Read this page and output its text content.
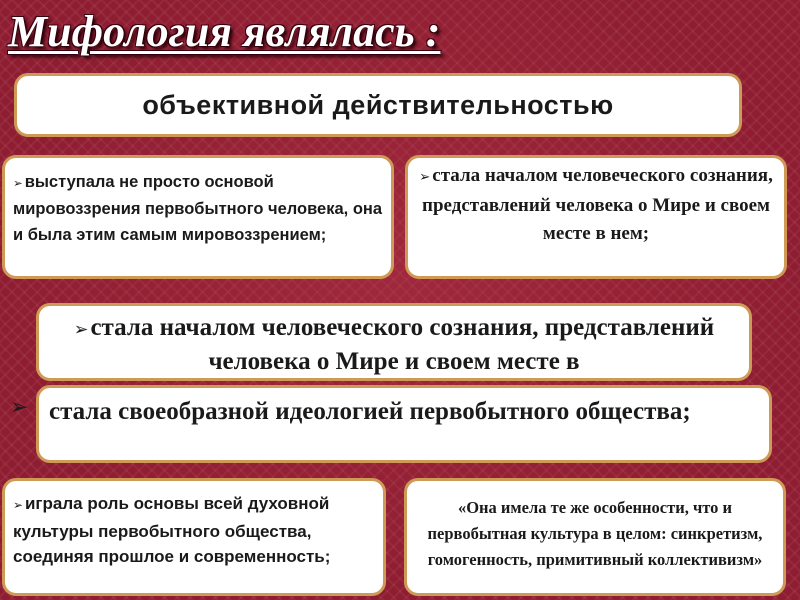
Мифология являлась :
объективной действительностью
➢ выступала не просто основой мировоззрения первобытного человека, она и была этим самым мировоззрением;
➢ стала началом человеческого сознания, представлений человека о Мире и своем месте в нем;
➢стала началом человеческого сознания, представлений человека о Мире и своем месте в
стала своеобразной идеологией первобытного общества;
➢
➢ играла роль основы всей духовной культуры первобытного общества, соединяя прошлое и современность;
«Она имела те же особенности, что и первобытная культура в целом: синкретизм, гомогенность, примитивный коллективизм»
